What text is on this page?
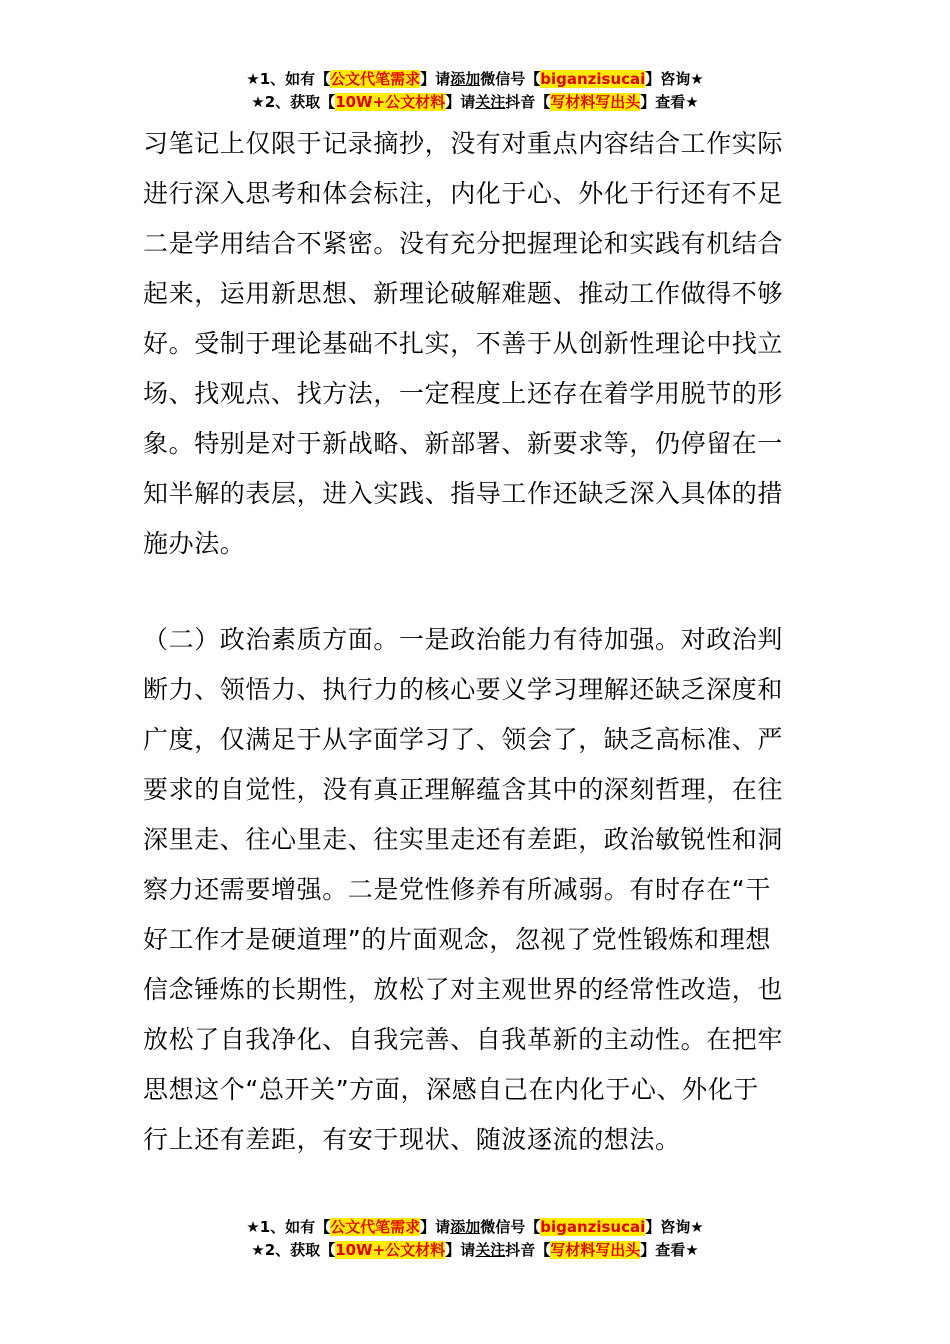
★1、如有【公文代笔需求】请添加微信号【biganzisucai】咨询★
★2、获取【10W+公文材料】请关注抖音【写材料写出头】查看★
习笔记上仅限于记录摘抄，没有对重点内容结合工作实际
进行深入思考和体会标注，内化于心、外化于行还有不足
二是学用结合不紧密。没有充分把握理论和实践有机结合
起来，运用新思想、新理论破解难题、推动工作做得不够
好。受制于理论基础不扎实，不善于从创新性理论中找立
场、找观点、找方法，一定程度上还存在着学用脱节的形
象。特别是对于新战略、新部署、新要求等，仍停留在一
知半解的表层，进入实践、指导工作还缺乏深入具体的措
施办法。
（二）政治素质方面。一是政治能力有待加强。对政治判
断力、领悟力、执行力的核心要义学习理解还缺乏深度和
广度，仅满足于从字面学习了、领会了，缺乏高标准、严
要求的自觉性，没有真正理解蕴含其中的深刻哲理，在往
深里走、往心里走、往实里走还有差距，政治敏锐性和洞
察力还需要增强。二是党性修养有所减弱。有时存在“干
好工作才是硬道理”的片面观念，忽视了党性锻炼和理想
信念锤炼的长期性，放松了对主观世界的经常性改造，也
放松了自我净化、自我完善、自我革新的主动性。在把牢
思想这个“总开关”方面，深感自己在内化于心、外化于
行上还有差距，有安于现状、随波逐流的想法。
★1、如有【公文代笔需求】请添加微信号【biganzisucai】咨询★
★2、获取【10W+公文材料】请关注抖音【写材料写出头】查看★
